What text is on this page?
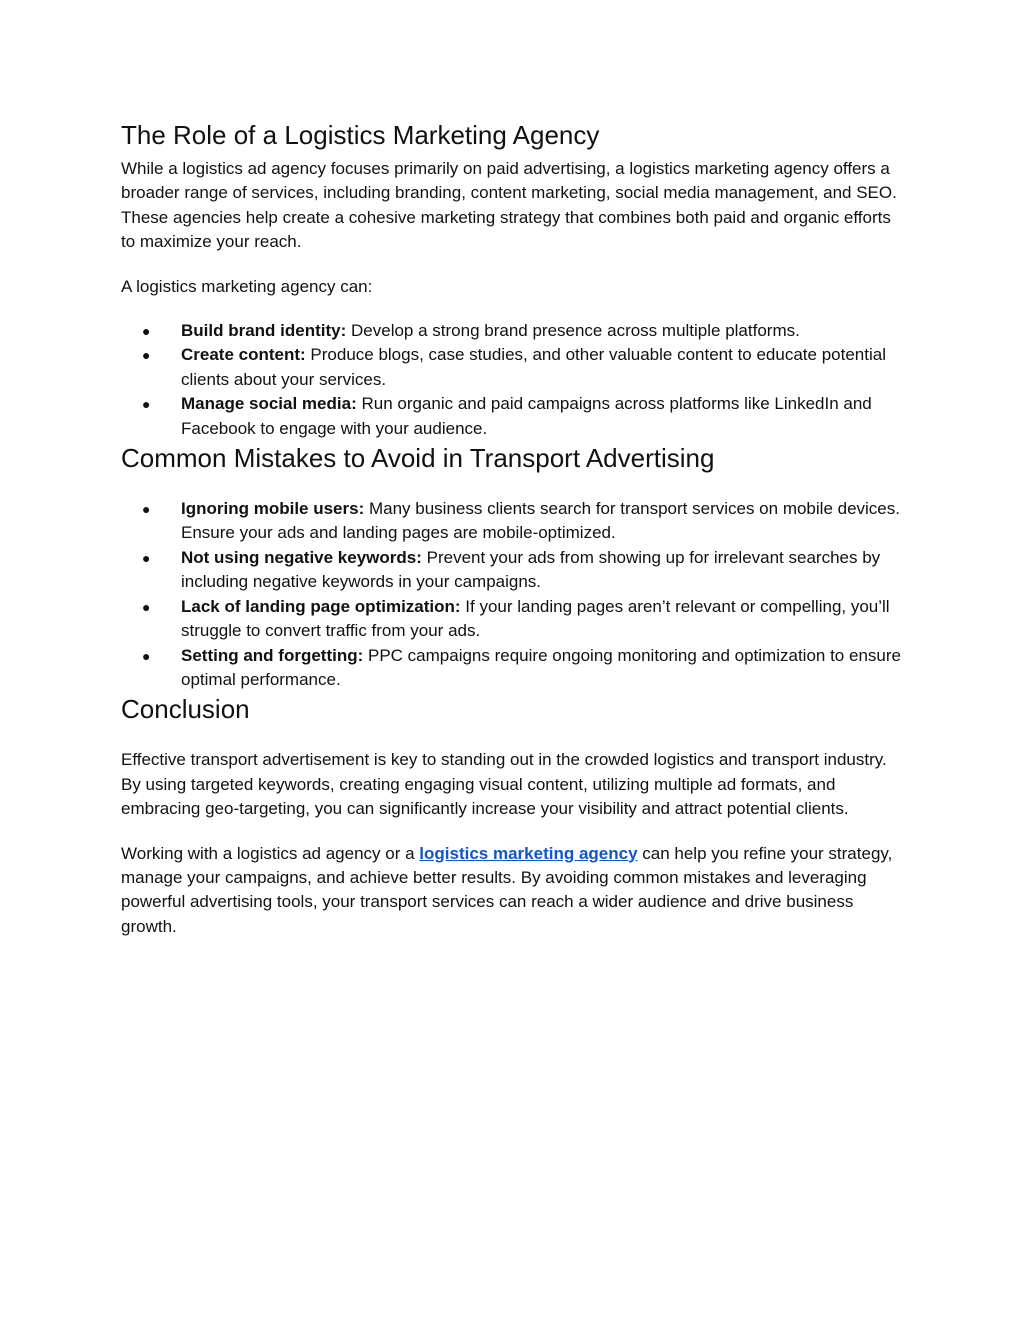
The Role of a Logistics Marketing Agency

While a logistics ad agency focuses primarily on paid advertising, a logistics marketing agency offers a broader range of services, including branding, content marketing, social media management, and SEO. These agencies help create a cohesive marketing strategy that combines both paid and organic efforts to maximize your reach.

A logistics marketing agency can:

● Build brand identity: Develop a strong brand presence across multiple platforms.
● Create content: Produce blogs, case studies, and other valuable content to educate potential clients about your services.
● Manage social media: Run organic and paid campaigns across platforms like LinkedIn and Facebook to engage with your audience.
Common Mistakes to Avoid in Transport Advertising
● Ignoring mobile users: Many business clients search for transport services on mobile devices. Ensure your ads and landing pages are mobile-optimized.
● Not using negative keywords: Prevent your ads from showing up for irrelevant searches by including negative keywords in your campaigns.
● Lack of landing page optimization: If your landing pages aren’t relevant or compelling, you’ll struggle to convert traffic from your ads.
● Setting and forgetting: PPC campaigns require ongoing monitoring and optimization to ensure optimal performance.
Conclusion

Effective transport advertisement is key to standing out in the crowded logistics and transport industry. By using targeted keywords, creating engaging visual content, utilizing multiple ad formats, and embracing geo-targeting, you can significantly increase your visibility and attract potential clients.

Working with a logistics ad agency or a logistics marketing agency can help you refine your strategy, manage your campaigns, and achieve better results. By avoiding common mistakes and leveraging powerful advertising tools, your transport services can reach a wider audience and drive business growth.
